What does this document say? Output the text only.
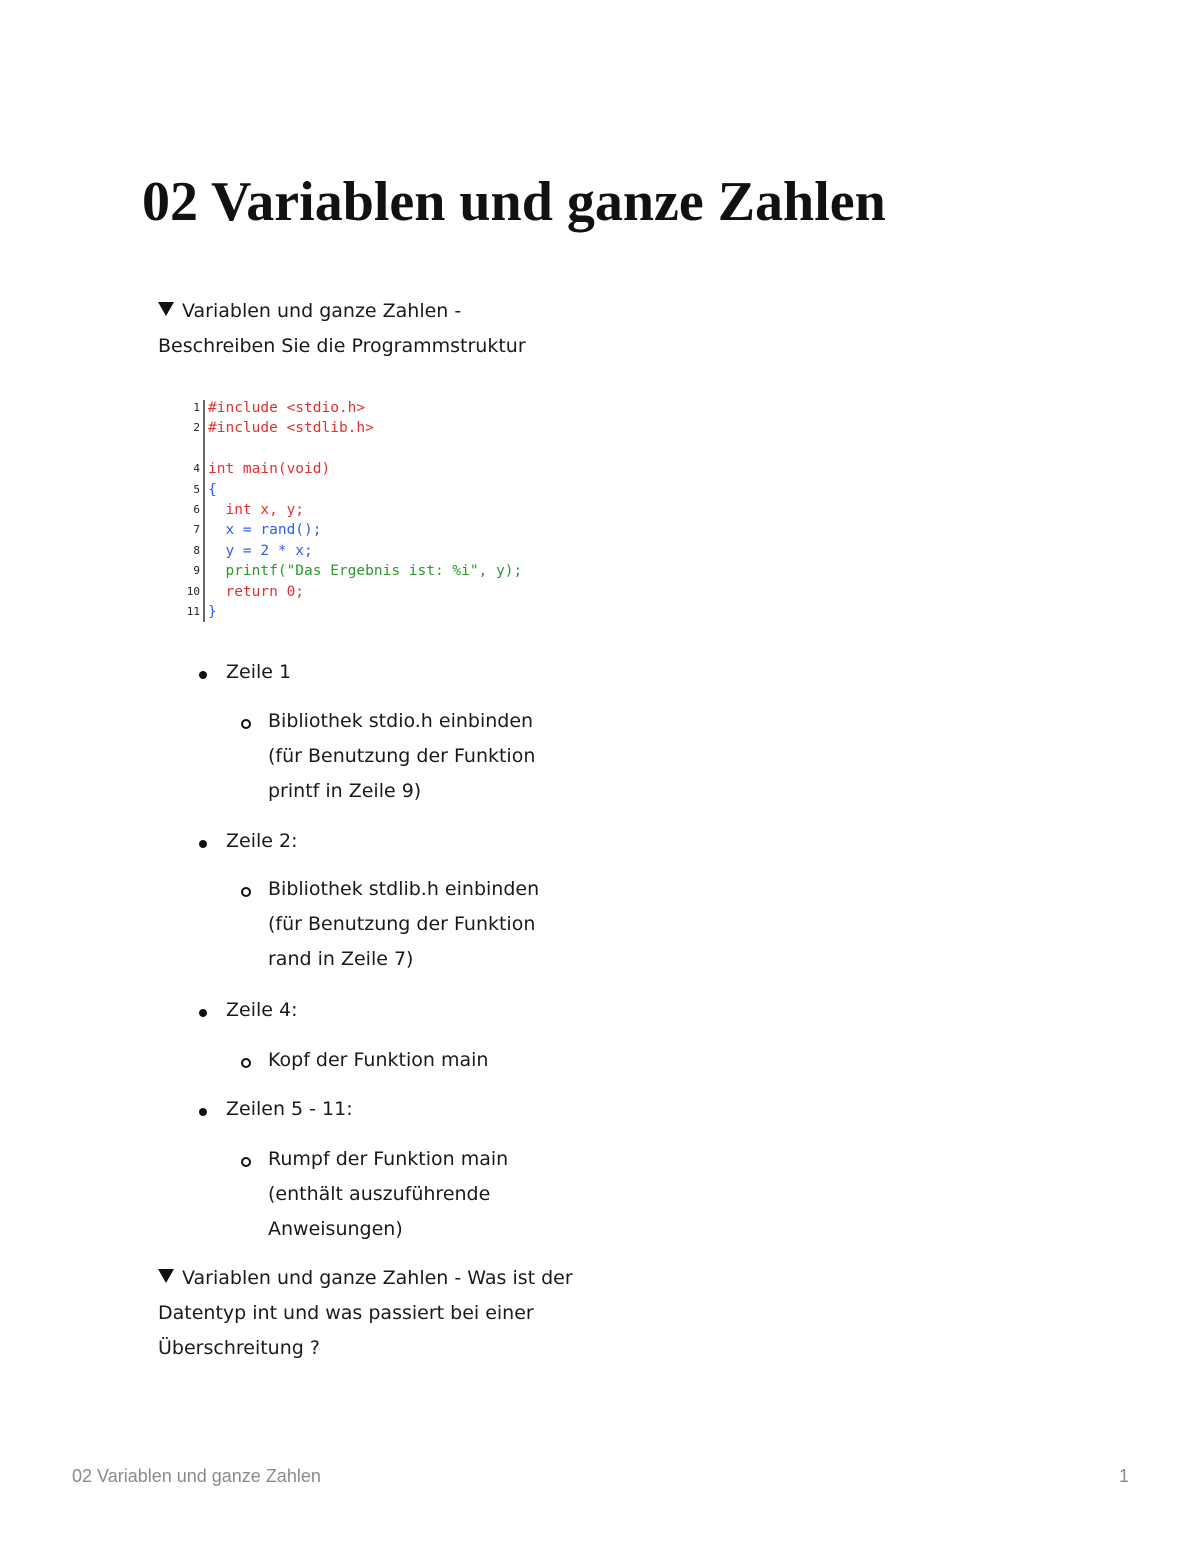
02 Variablen und ganze Zahlen
Variablen und ganze Zahlen -
Beschreiben Sie die Programmstruktur
1
2
4
5
6
7
8
9
10
11
#include <stdio.h>
#include <stdlib.h>
int main(void)
{
int x, y;
x = rand();
y = 2 * x;
printf("Das Ergebnis ist: %i", y);
return 0;
}
Zeile 1
Bibliothek stdio.h einbinden
(für Benutzung der Funktion
printf in Zeile 9)
Zeile 2:
Bibliothek stdlib.h einbinden
(für Benutzung der Funktion
rand in Zeile 7)
Zeile 4:
Kopf der Funktion main
Zeilen 5 - 11:
Rumpf der Funktion main
(enthält auszuführende
Anweisungen)
Variablen und ganze Zahlen - Was ist der
Datentyp int und was passiert bei einer
Überschreitung ?
02 Variablen und ganze Zahlen	1
